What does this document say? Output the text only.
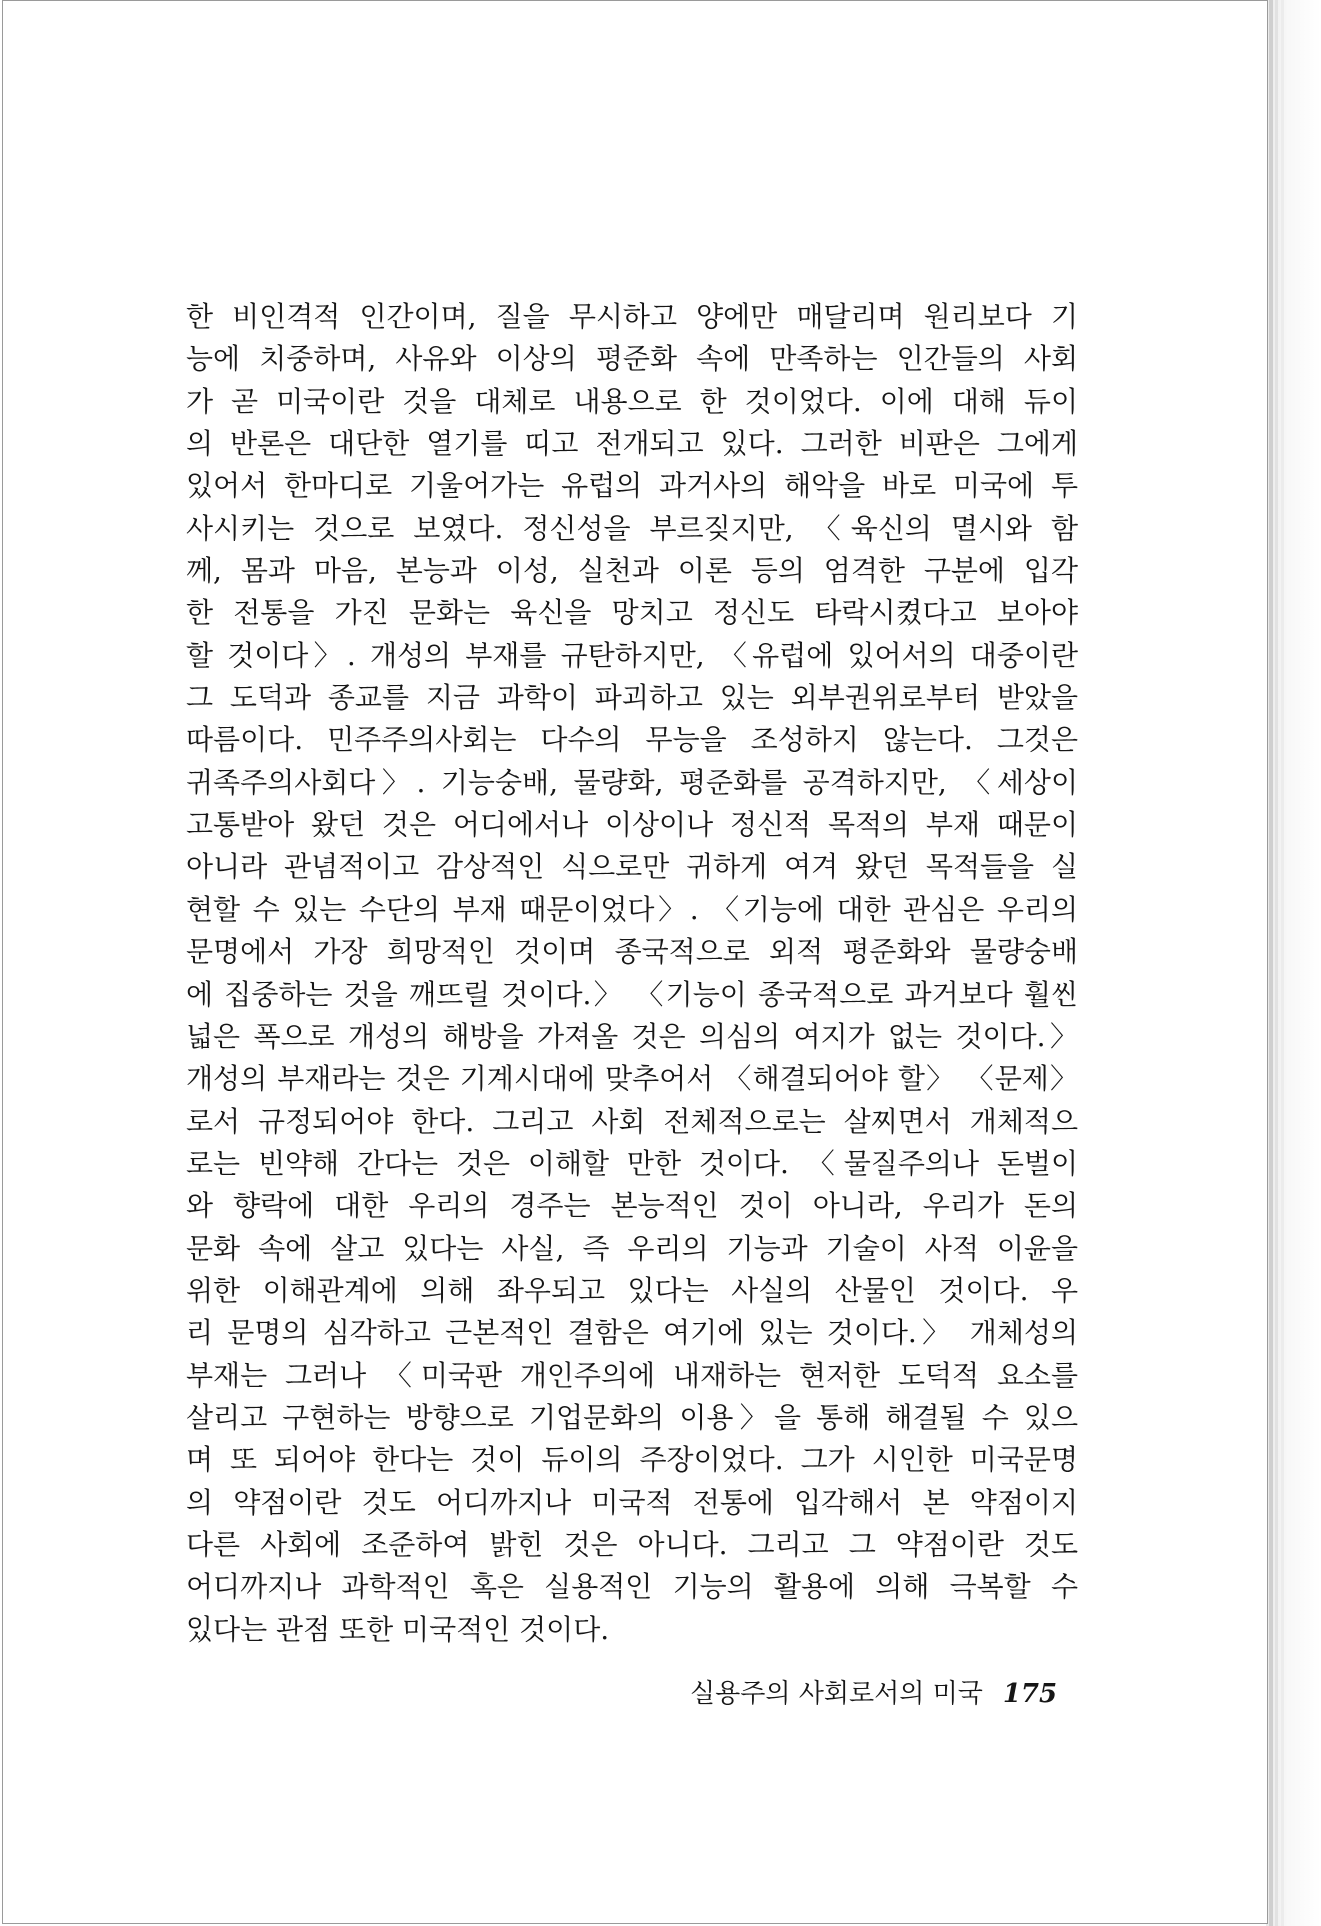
한 비인격적 인간이며, 질을 무시하고 양에만 매달리며 원리보다 기
능에 치중하며, 사유와 이상의 평준화 속에 만족하는 인간들의 사회
가 곧 미국이란 것을 대체로 내용으로 한 것이었다. 이에 대해 듀이
의 반론은 대단한 열기를 띠고 전개되고 있다. 그러한 비판은 그에게
있어서 한마디로 기울어가는 유럽의 과거사의 해악을 바로 미국에 투
사시키는 것으로 보였다. 정신성을 부르짖지만, 〈육신의 멸시와 함
께, 몸과 마음, 본능과 이성, 실천과 이론 등의 엄격한 구분에 입각
한 전통을 가진 문화는 육신을 망치고 정신도 타락시켰다고 보아야
할 것이다〉. 개성의 부재를 규탄하지만, 〈유럽에 있어서의 대중이란
그 도덕과 종교를 지금 과학이 파괴하고 있는 외부권위로부터 받았을
따름이다. 민주주의사회는 다수의 무능을 조성하지 않는다. 그것은
귀족주의사회다〉. 기능숭배, 물량화, 평준화를 공격하지만, 〈세상이
고통받아 왔던 것은 어디에서나 이상이나 정신적 목적의 부재 때문이
아니라 관념적이고 감상적인 식으로만 귀하게 여겨 왔던 목적들을 실
현할 수 있는 수단의 부재 때문이었다〉. 〈기능에 대한 관심은 우리의
문명에서 가장 희망적인 것이며 종국적으로 외적 평준화와 물량숭배
에 집중하는 것을 깨뜨릴 것이다.〉 〈기능이 종국적으로 과거보다 훨씬
넓은 폭으로 개성의 해방을 가져올 것은 의심의 여지가 없는 것이다.〉
개성의 부재라는 것은 기계시대에 맞추어서 〈해결되어야 할〉 〈문제〉
로서 규정되어야 한다. 그리고 사회 전체적으로는 살찌면서 개체적으
로는 빈약해 간다는 것은 이해할 만한 것이다. 〈물질주의나 돈벌이
와 향락에 대한 우리의 경주는 본능적인 것이 아니라, 우리가 돈의
문화 속에 살고 있다는 사실, 즉 우리의 기능과 기술이 사적 이윤을
위한 이해관계에 의해 좌우되고 있다는 사실의 산물인 것이다. 우
리 문명의 심각하고 근본적인 결함은 여기에 있는 것이다.〉 개체성의
부재는 그러나 〈미국판 개인주의에 내재하는 현저한 도덕적 요소를
살리고 구현하는 방향으로 기업문화의 이용〉을 통해 해결될 수 있으
며 또 되어야 한다는 것이 듀이의 주장이었다. 그가 시인한 미국문명
의 약점이란 것도 어디까지나 미국적 전통에 입각해서 본 약점이지
다른 사회에 조준하여 밝힌 것은 아니다. 그리고 그 약점이란 것도
어디까지나 과학적인 혹은 실용적인 기능의 활용에 의해 극복할 수
있다는 관점 또한 미국적인 것이다.
실용주의 사회로서의 미국 175
